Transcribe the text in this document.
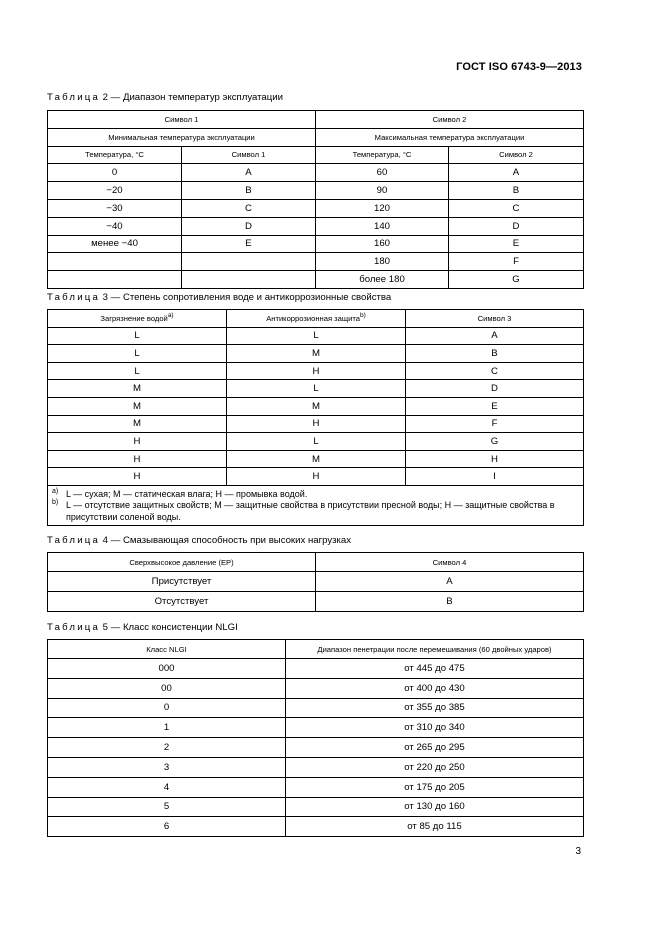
ГОСТ ISO 6743-9—2013
Таблица 2 — Диапазон температур эксплуатации
Символ 1		Символ 2	
Минимальная температура эксплуатации		Максимальная температура эксплуатации	
Температура, °С	Символ 1	Температура, °С	Символ 2
0	A	60	A
−20	B	90	B
−30	C	120	C
−40	D	140	D
менее −40	E	160	E
		180	F
		более 180	G
Таблица 3 — Степень сопротивления воде и антикоррозионные свойства
Загрязнение водой$^{a)}$	Антикоррозионная защита$^{b)}$	Символ 3
L	L	A
L	M	B
L	H	C
M	L	D
M	M	E
M	H	F
H	L	G
H	M	H
H	H	I

a) L — сухая; M — статическая влага; H — промывка водой.
b) L — отсутствие защитных свойств; M — защитные свойства в присутствии пресной воды; H — защитные свойства в присутствии соленой воды.		
Таблица 4 — Смазывающая способность при высоких нагрузках
Сверхвысокое давление (ЕР)	Символ 4
Присутствует	A
Отсутствует	B
Таблица 5 — Класс консистенции NLGI
Класс NLGI	Диапазон пенетрации после перемешивания (60 двойных ударов)
000	от 445 до 475
00	от 400 до 430
0	от 355 до 385
1	от 310 до 340
2	от 265 до 295
3	от 220 до 250
4	от 175 до 205
5	от 130 до 160
6	от 85 до 115
3
